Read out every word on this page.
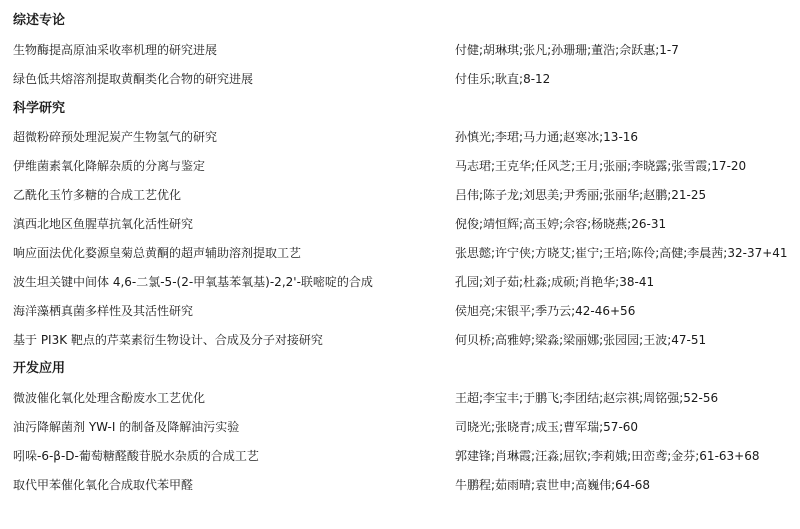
综述专论
生物酶提高原油采收率机理的研究进展	付健;胡琳琪;张凡;孙珊珊;董浩;佘跃惠;1-7
绿色低共熔溶剂提取黄酮类化合物的研究进展	付佳乐;耿直;8-12
科学研究
超微粉碎预处理泥炭产生物氢气的研究	孙慎光;李珺;马力通;赵寒冰;13-16
伊维菌素氧化降解杂质的分离与鉴定	马志珺;王克华;任风芝;王月;张丽;李晓露;张雪霞;17-20
乙酰化玉竹多糖的合成工艺优化	吕伟;陈子龙;刘思美;尹秀丽;张丽华;赵鹏;21-25
滇西北地区鱼腥草抗氧化活性研究	倪俊;靖恒辉;高玉婷;佘容;杨晓燕;26-31
响应面法优化婺源皇菊总黄酮的超声辅助溶剂提取工艺	张思懿;许宁侠;方晓艾;崔宁;王培;陈伶;高健;李晨茜;32-37+41
波生坦关键中间体 4,6-二氯-5-(2-甲氧基苯氧基)-2,2'-联嘧啶的合成	孔园;刘子茹;杜淼;成硕;肖艳华;38-41
海洋藻栖真菌多样性及其活性研究	侯旭亮;宋银平;季乃云;42-46+56
基于 PI3K 靶点的芹菜素衍生物设计、合成及分子对接研究	何贝桥;高雅婷;梁淼;梁丽娜;张园园;王波;47-51
开发应用
微波催化氧化处理含酚废水工艺优化	王超;李宝丰;于鹏飞;李团结;赵宗祺;周铭强;52-56
油污降解菌剂 YW-I 的制备及降解油污实验	司晓光;张晓青;成玉;曹军瑞;57-60
吲哚-6-β-D-葡萄糖醛酸苷脱水杂质的合成工艺	郭建锋;肖琳霞;汪淼;屈钦;李莉娥;田峦鸢;金芬;61-63+68
取代甲苯催化氧化合成取代苯甲醛	牛鹏程;茹雨晴;袁世申;高巍伟;64-68
